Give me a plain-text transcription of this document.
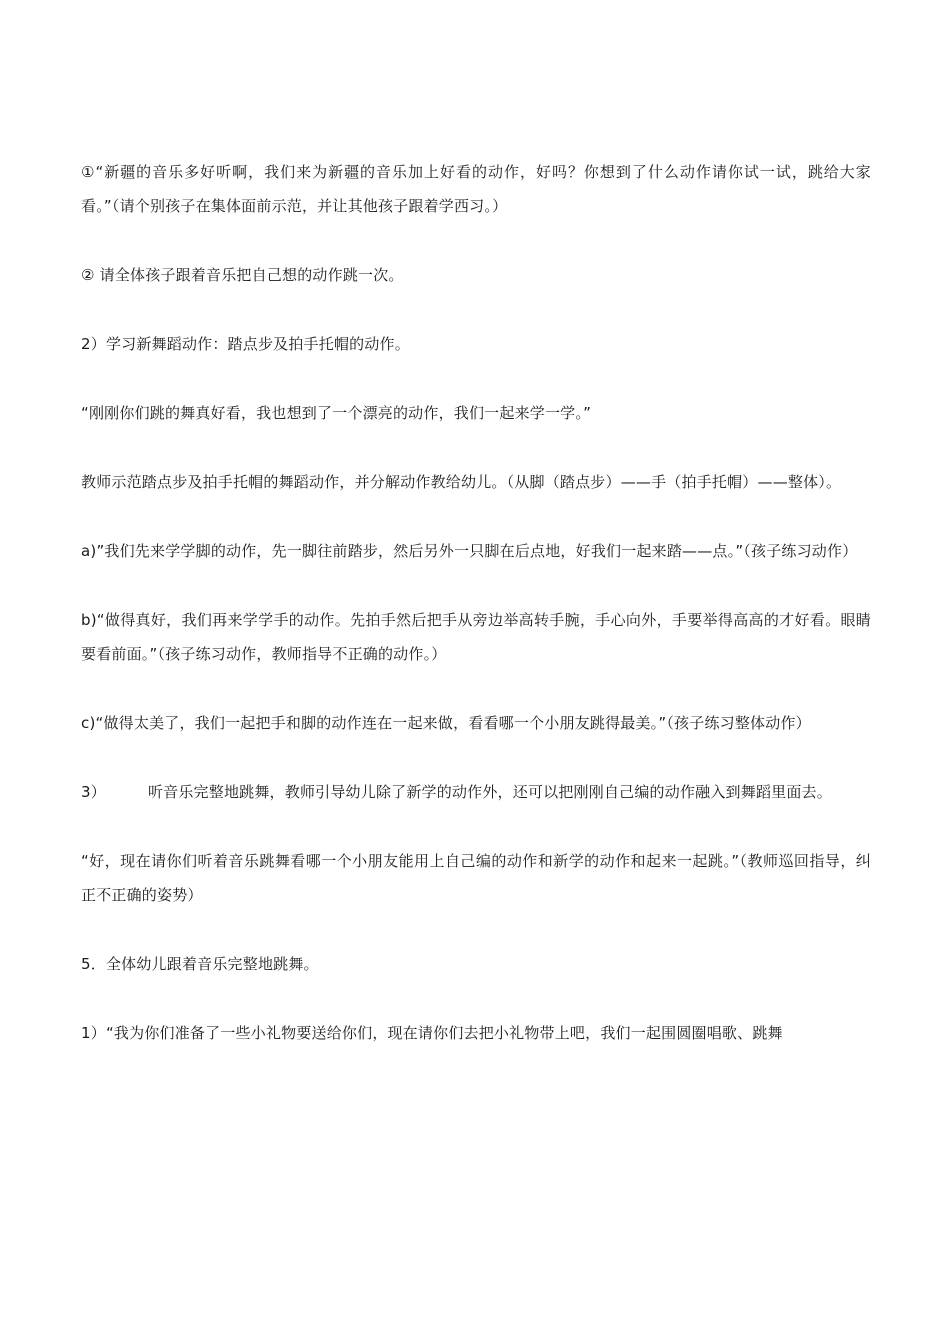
①“新疆的音乐多好听啊，我们来为新疆的音乐加上好看的动作，好吗？你想到了什么动作请你试一试，跳给大家看。”（请个别孩子在集体面前示范，并让其他孩子跟着学西习。）

② 请全体孩子跟着音乐把自己想的动作跳一次。

2）学习新舞蹈动作：踏点步及拍手托帽的动作。

“刚刚你们跳的舞真好看，我也想到了一个漂亮的动作，我们一起来学一学。”

教师示范踏点步及拍手托帽的舞蹈动作，并分解动作教给幼儿。（从脚（踏点步）——手（拍手托帽）——整体）。

a)”我们先来学学脚的动作，先一脚往前踏步，然后另外一只脚在后点地，好我们一起来踏——点。”（孩子练习动作）

b)“做得真好，我们再来学学手的动作。先拍手然后把手从旁边举高转手腕，手心向外，手要举得高高的才好看。眼睛要看前面。”（孩子练习动作，教师指导不正确的动作。）

c)“做得太美了，我们一起把手和脚的动作连在一起来做，看看哪一个小朋友跳得最美。”（孩子练习整体动作）

3）	听音乐完整地跳舞，教师引导幼儿除了新学的动作外，还可以把刚刚自己编的动作融入到舞蹈里面去。

“好，现在请你们听着音乐跳舞看哪一个小朋友能用上自己编的动作和新学的动作和起来一起跳。”（教师巡回指导，纠正不正确的姿势）

5．全体幼儿跟着音乐完整地跳舞。

1）“我为你们准备了一些小礼物要送给你们，现在请你们去把小礼物带上吧，我们一起围圆圈唱歌、跳舞
